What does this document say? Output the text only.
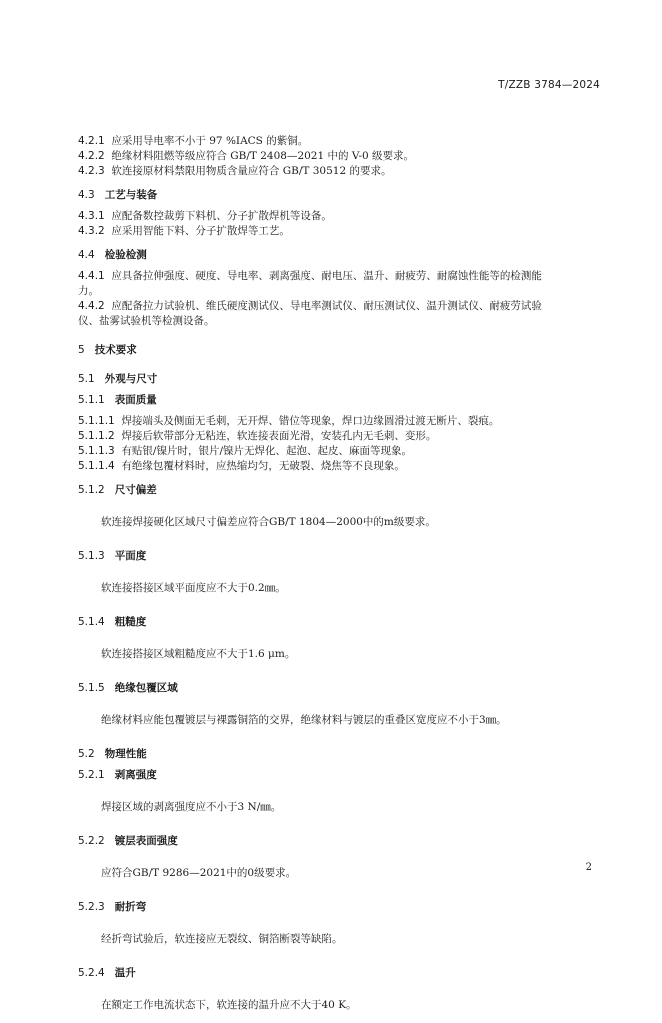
T/ZZB 3784—2024

4.2.1 应采用导电率不小于 97 %IACS 的紫铜。

4.2.2 绝缘材料阻燃等级应符合 GB/T 2408—2021 中的 V-0 级要求。

4.2.3 软连接原材料禁限用物质含量应符合 GB/T 30512 的要求。

4.3 工艺与装备

4.3.1 应配备数控裁剪下料机、分子扩散焊机等设备。

4.3.2 应采用智能下料、分子扩散焊等工艺。

4.4 检验检测

4.4.1 应具备拉伸强度、硬度、导电率、剥离强度、耐电压、温升、耐疲劳、耐腐蚀性能等的检测能

力。

4.4.2 应配备拉力试验机、维氏硬度测试仪、导电率测试仪、耐压测试仪、温升测试仪、耐疲劳试验

仪、盐雾试验机等检测设备。

5 技术要求
5.1 外观与尺寸
5.1.1 表面质量

5.1.1.1 焊接端头及侧面无毛刺，无开焊、错位等现象，焊口边缘圆滑过渡无断片、裂痕。

5.1.1.2 焊接后软带部分无粘连，软连接表面光滑，安装孔内无毛刺、变形。

5.1.1.3 有贴银/镍片时，银片/镍片无焊化、起泡、起皮、麻面等现象。

5.1.1.4 有绝缘包覆材料时，应热缩均匀，无破裂、烧焦等不良现象。

5.1.2 尺寸偏差

软连接焊接硬化区域尺寸偏差应符合GB/T 1804—2000中的m级要求。

5.1.3 平面度

软连接搭接区域平面度应不大于0.2㎜。

5.1.4 粗糙度

软连接搭接区域粗糙度应不大于1.6 μm。

5.1.5 绝缘包覆区域

绝缘材料应能包覆镀层与裸露铜箔的交界，绝缘材料与镀层的重叠区宽度应不小于3㎜。

5.2 物理性能
5.2.1 剥离强度

焊接区域的剥离强度应不小于3 N/㎜。

5.2.2 镀层表面强度

应符合GB/T 9286—2021中的0级要求。

5.2.3 耐折弯

经折弯试验后，软连接应无裂纹、铜箔断裂等缺陷。

5.2.4 温升

在额定工作电流状态下，软连接的温升应不大于40 K。

2
